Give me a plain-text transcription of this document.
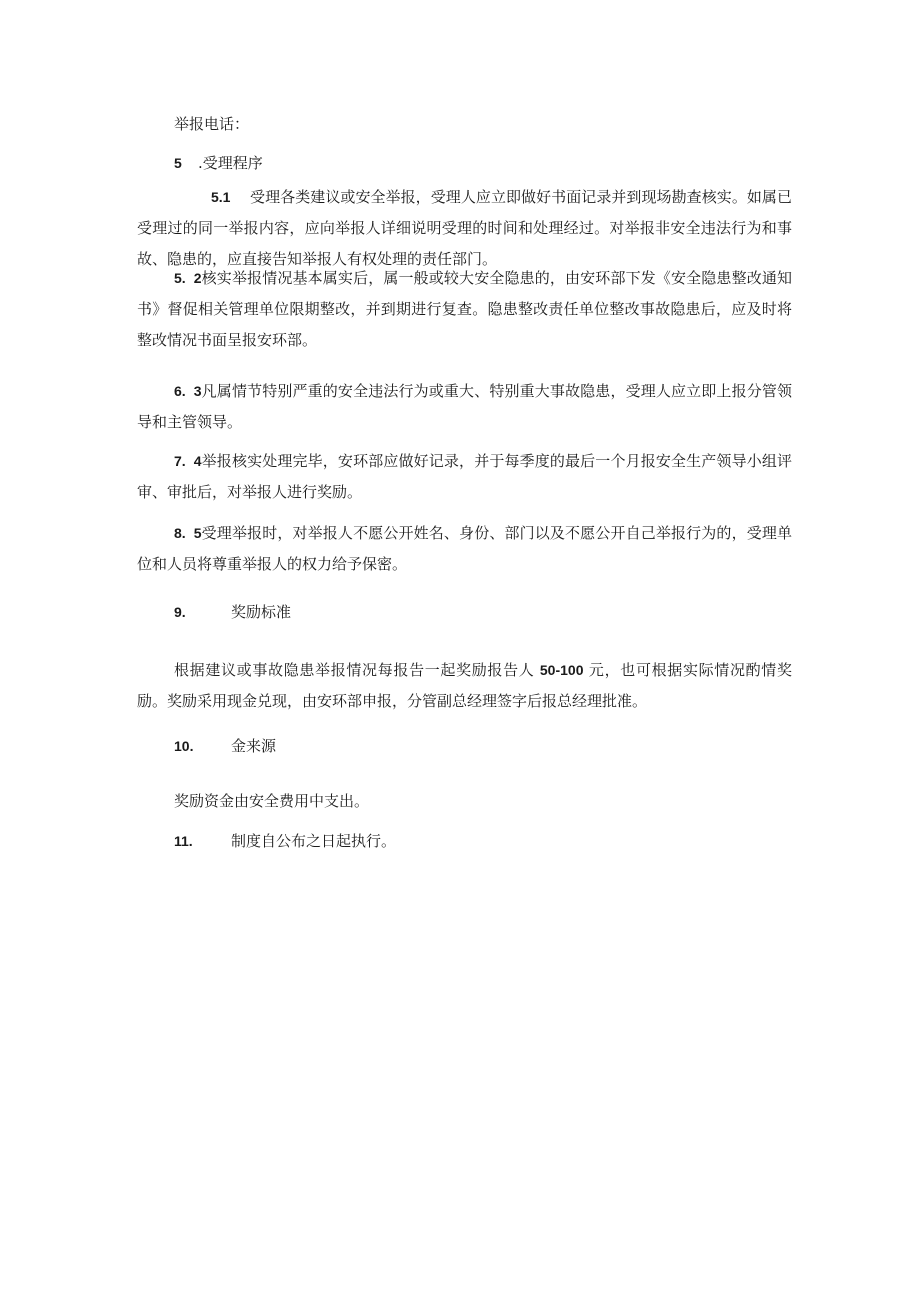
举报电话：
5 .受理程序
5.1 受理各类建议或安全举报，受理人应立即做好书面记录并到现场勘查核实。如属已受理过的同一举报内容，应向举报人详细说明受理的时间和处理经过。对举报非安全违法行为和事故、隐患的，应直接告知举报人有权处理的责任部门。
5.  2核实举报情况基本属实后，属一般或较大安全隐患的，由安环部下发《安全隐患整改通知书》督促相关管理单位限期整改，并到期进行复查。隐患整改责任单位整改事故隐患后，应及时将整改情况书面呈报安环部。
6.  3凡属情节特别严重的安全违法行为或重大、特别重大事故隐患，受理人应立即上报分管领导和主管领导。
7.  4举报核实处理完毕，安环部应做好记录，并于每季度的最后一个月报安全生产领导小组评审、审批后，对举报人进行奖励。
8.  5受理举报时，对举报人不愿公开姓名、身份、部门以及不愿公开自己举报行为的，受理单位和人员将尊重举报人的权力给予保密。
9.	奖励标准
根据建议或事故隐患举报情况每报告一起奖励报告人 50-100 元，也可根据实际情况酌情奖励。奖励采用现金兑现，由安环部申报，分管副总经理签字后报总经理批准。
10.	金来源
奖励资金由安全费用中支出。
11.	制度自公布之日起执行。
